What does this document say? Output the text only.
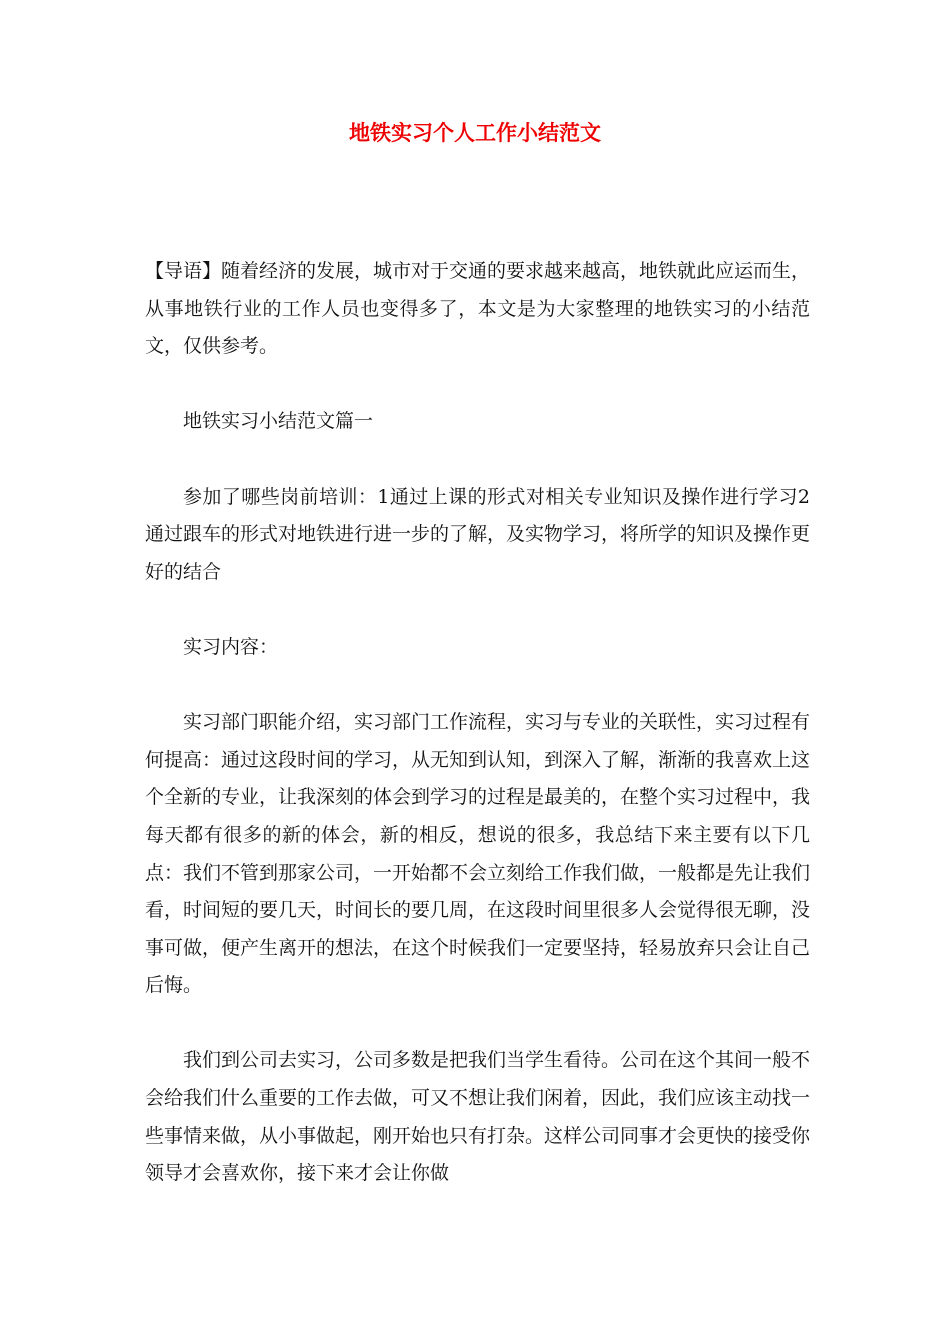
地铁实习个人工作小结范文

【导语】随着经济的发展，城市对于交通的要求越来越高，地铁就此应运而生，从事地铁行业的工作人员也变得多了，本文是为大家整理的地铁实习的小结范文，仅供参考。

地铁实习小结范文篇一

参加了哪些岗前培训：1通过上课的形式对相关专业知识及操作进行学习2通过跟车的形式对地铁进行进一步的了解，及实物学习，将所学的知识及操作更好的结合

实习内容：

实习部门职能介绍，实习部门工作流程，实习与专业的关联性，实习过程有何提高：通过这段时间的学习，从无知到认知，到深入了解，渐渐的我喜欢上这个全新的专业，让我深刻的体会到学习的过程是最美的，在整个实习过程中，我每天都有很多的新的体会，新的相反，想说的很多，我总结下来主要有以下几点：我们不管到那家公司，一开始都不会立刻给工作我们做，一般都是先让我们看，时间短的要几天，时间长的要几周，在这段时间里很多人会觉得很无聊，没事可做，便产生离开的想法，在这个时候我们一定要坚持，轻易放弃只会让自己后悔。

我们到公司去实习，公司多数是把我们当学生看待。公司在这个其间一般不会给我们什么重要的工作去做，可又不想让我们闲着，因此，我们应该主动找一些事情来做，从小事做起，刚开始也只有打杂。这样公司同事才会更快的接受你领导才会喜欢你，接下来才会让你做
